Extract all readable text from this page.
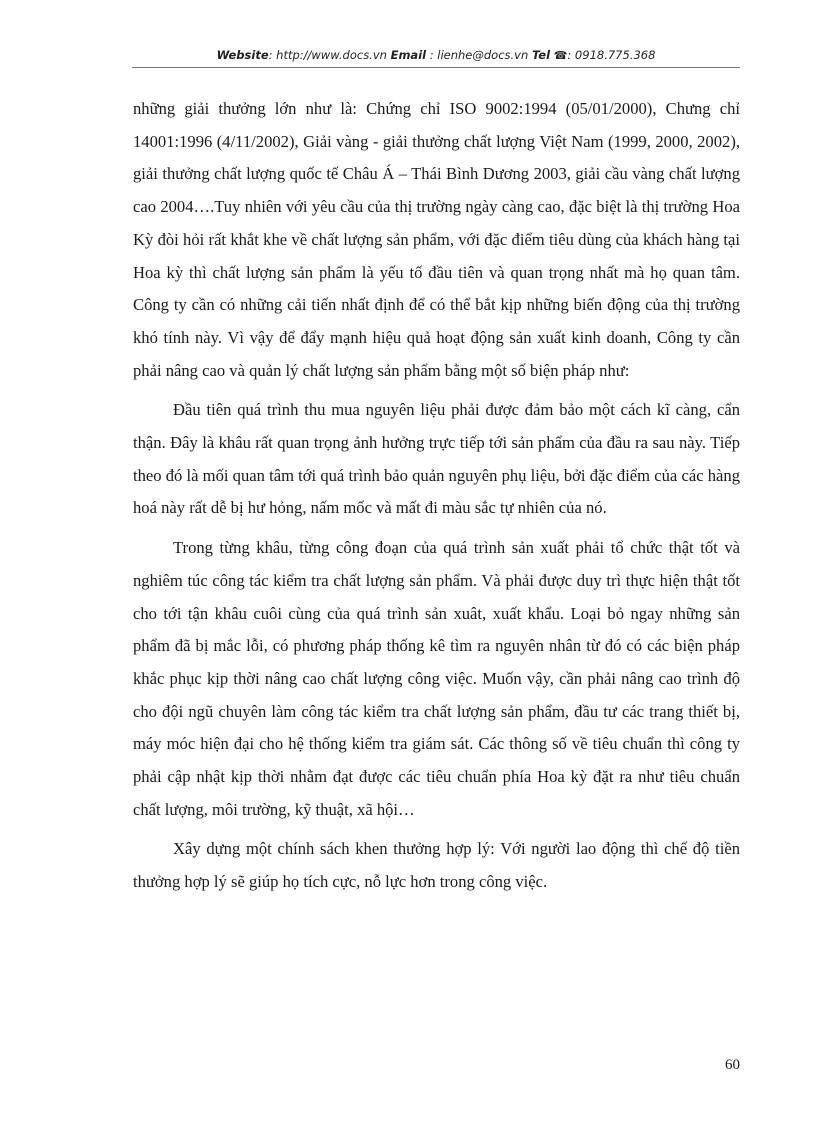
Website: http://www.docs.vn Email : lienhe@docs.vn Tel ☎: 0918.775.368

những giải thưởng lớn như là: Chứng chỉ ISO 9002:1994 (05/01/2000), Chưng chỉ 14001:1996 (4/11/2002), Giải vàng - giải thưởng chất lượng Việt Nam (1999, 2000, 2002), giải thưởng chất lượng quốc tế Châu Á – Thái Bình Dương 2003, giải cầu vàng chất lượng cao 2004….Tuy nhiên với yêu cầu của thị trường ngày càng cao, đặc biệt là thị trường Hoa Kỳ đòi hỏi rất khắt khe về chất lượng sản phẩm, với đặc điểm tiêu dùng của khách hàng tại Hoa kỳ thì chất lượng sản phẩm là yếu tố đầu tiên và quan trọng nhất mà họ quan tâm. Công ty cần có những cải tiến nhất định để có thể bắt kịp những biến động của thị trường khó tính này. Vì vậy để đẩy mạnh hiệu quả hoạt động sản xuất kinh doanh, Công ty cần phải nâng cao và quản lý chất lượng sản phẩm bằng một số biện pháp như:

Đầu tiên quá trình thu mua nguyên liệu phải được đảm bảo một cách kĩ càng, cẩn thận. Đây là khâu rất quan trọng ảnh hưởng trực tiếp tới sản phẩm của đầu ra sau này. Tiếp theo đó là mối quan tâm tới quá trình bảo quản nguyên phụ liệu, bởi đặc điểm của các hàng hoá này rất dễ bị hư hỏng, nấm mốc và mất đi màu sắc tự nhiên của nó.

Trong từng khâu, từng công đoạn của quá trình sản xuất phải tổ chức thật tốt và nghiêm túc công tác kiểm tra chất lượng sản phẩm. Và phải được duy trì thực hiện thật tốt cho tới tận khâu cuôi cùng của quá trình sản xuât, xuất khẩu. Loại bỏ ngay những sản phẩm đã bị mắc lỗi, có phương pháp thống kê tìm ra nguyên nhân từ đó có các biện pháp khắc phục kịp thời nâng cao chất lượng công việc. Muốn vậy, cần phải nâng cao trình độ cho đội ngũ chuyên làm công tác kiểm tra chất lượng sản phẩm, đầu tư các trang thiết bị, máy móc hiện đại cho hệ thống kiểm tra giám sát. Các thông số về tiêu chuẩn thì công ty phải cập nhật kịp thời nhằm đạt được các tiêu chuẩn phía Hoa kỳ đặt ra như tiêu chuẩn chất lượng, môi trường, kỹ thuật, xã hội…

Xây dựng một chính sách khen thưởng hợp lý: Với người lao động thì chế độ tiền thưởng hợp lý sẽ giúp họ tích cực, nỗ lực hơn trong công việc.

60
